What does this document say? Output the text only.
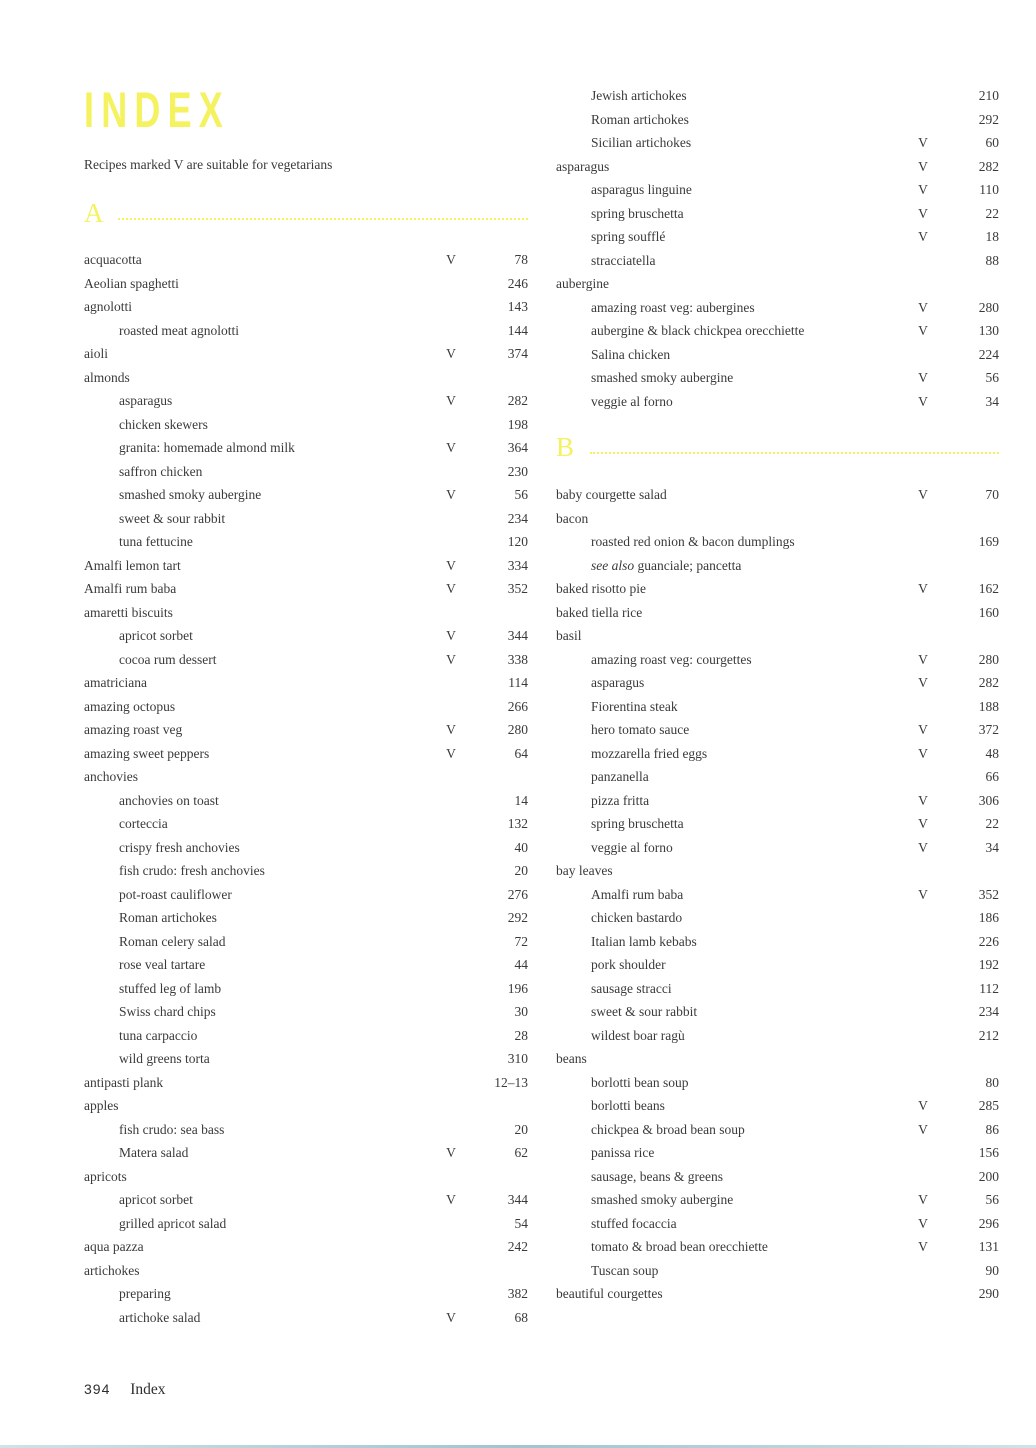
INDEX
Recipes marked V are suitable for vegetarians
A
acquacotta	V	78
Aeolian spaghetti	246
agnolotti	143
roasted meat agnolotti	144
aioli	V	374
almonds
asparagus	V	282
chicken skewers	198
granita: homemade almond milk	V	364
saffron chicken	230
smashed smoky aubergine	V	56
sweet & sour rabbit	234
tuna fettucine	120
Amalfi lemon tart	V	334
Amalfi rum baba	V	352
amaretti biscuits
apricot sorbet	V	344
cocoa rum dessert	V	338
amatriciana	114
amazing octopus	266
amazing roast veg	V	280
amazing sweet peppers	V	64
anchovies
anchovies on toast	14
corteccia	132
crispy fresh anchovies	40
fish crudo: fresh anchovies	20
pot-roast cauliflower	276
Roman artichokes	292
Roman celery salad	72
rose veal tartare	44
stuffed leg of lamb	196
Swiss chard chips	30
tuna carpaccio	28
wild greens torta	310
antipasti plank	12–13
apples
fish crudo: sea bass	20
Matera salad	V	62
apricots
apricot sorbet	V	344
grilled apricot salad	54
aqua pazza	242
artichokes
preparing	382
artichoke salad	V	68
B
Jewish artichokes	210
Roman artichokes	292
Sicilian artichokes	V	60
asparagus	V	282
asparagus linguine	V	110
spring bruschetta	V	22
spring soufflé	V	18
stracciatella	88
aubergine
amazing roast veg: aubergines	V	280
aubergine & black chickpea orecchiette	V	130
Salina chicken	224
smashed smoky aubergine	V	56
veggie al forno	V	34
baby courgette salad	V	70
bacon
roasted red onion & bacon dumplings	169
see also guanciale; pancetta
baked risotto pie	V	162
baked tiella rice	160
basil
amazing roast veg: courgettes	V	280
asparagus	V	282
Fiorentina steak	188
hero tomato sauce	V	372
mozzarella fried eggs	V	48
panzanella	66
pizza fritta	V	306
spring bruschetta	V	22
veggie al forno	V	34
bay leaves
Amalfi rum baba	V	352
chicken bastardo	186
Italian lamb kebabs	226
pork shoulder	192
sausage stracci	112
sweet & sour rabbit	234
wildest boar ragù	212
beans
borlotti bean soup	80
borlotti beans	V	285
chickpea & broad bean soup	V	86
panissa rice	156
sausage, beans & greens	200
smashed smoky aubergine	V	56
stuffed focaccia	V	296
tomato & broad bean orecchiette	V	131
Tuscan soup	90
beautiful courgettes	290
394 Index
